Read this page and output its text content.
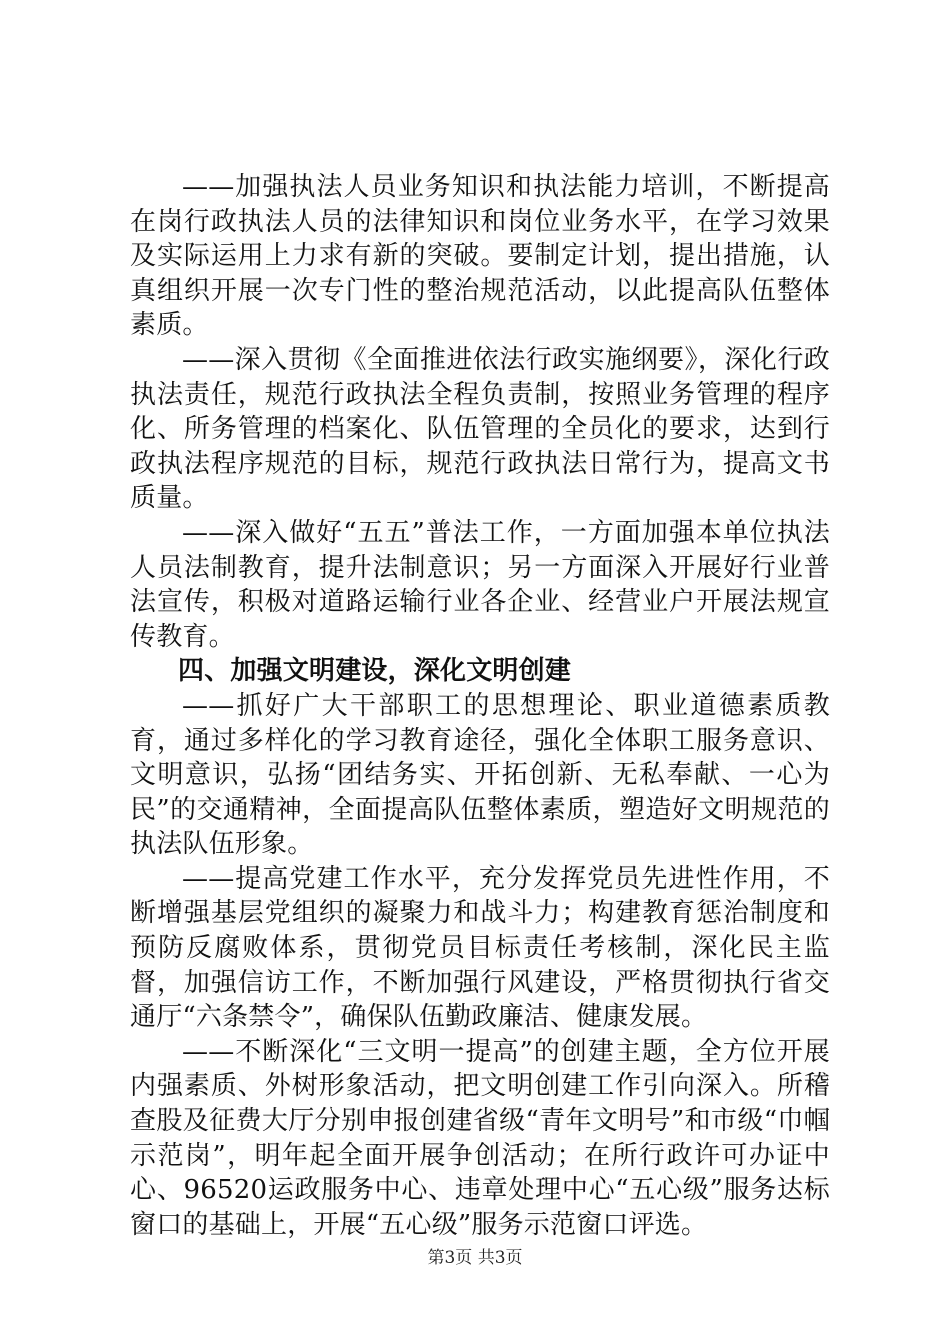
——加强执法人员业务知识和执法能力培训，不断提高在岗行政执法人员的法律知识和岗位业务水平，在学习效果及实际运用上力求有新的突破。要制定计划，提出措施，认真组织开展一次专门性的整治规范活动，以此提高队伍整体素质。

——深入贯彻《全面推进依法行政实施纲要》，深化行政执法责任，规范行政执法全程负责制，按照业务管理的程序化、所务管理的档案化、队伍管理的全员化的要求，达到行政执法程序规范的目标，规范行政执法日常行为，提高文书质量。

——深入做好“五五”普法工作，一方面加强本单位执法人员法制教育，提升法制意识；另一方面深入开展好行业普法宣传，积极对道路运输行业各企业、经营业户开展法规宣传教育。

四、加强文明建设，深化文明创建

——抓好广大干部职工的思想理论、职业道德素质教育，通过多样化的学习教育途径，强化全体职工服务意识、文明意识，弘扬“团结务实、开拓创新、无私奉献、一心为民”的交通精神，全面提高队伍整体素质，塑造好文明规范的执法队伍形象。

——提高党建工作水平，充分发挥党员先进性作用，不断增强基层党组织的凝聚力和战斗力；构建教育惩治制度和预防反腐败体系，贯彻党员目标责任考核制，深化民主监督，加强信访工作，不断加强行风建设，严格贯彻执行省交通厅“六条禁令”，确保队伍勤政廉洁、健康发展。

——不断深化“三文明一提高”的创建主题，全方位开展内强素质、外树形象活动，把文明创建工作引向深入。所稽查股及征费大厅分别申报创建省级“青年文明号”和市级“巾帼示范岗”，明年起全面开展争创活动；在所行政许可办证中心、96520运政服务中心、违章处理中心“五心级”服务达标窗口的基础上，开展“五心级”服务示范窗口评选。

第3页 共3页
